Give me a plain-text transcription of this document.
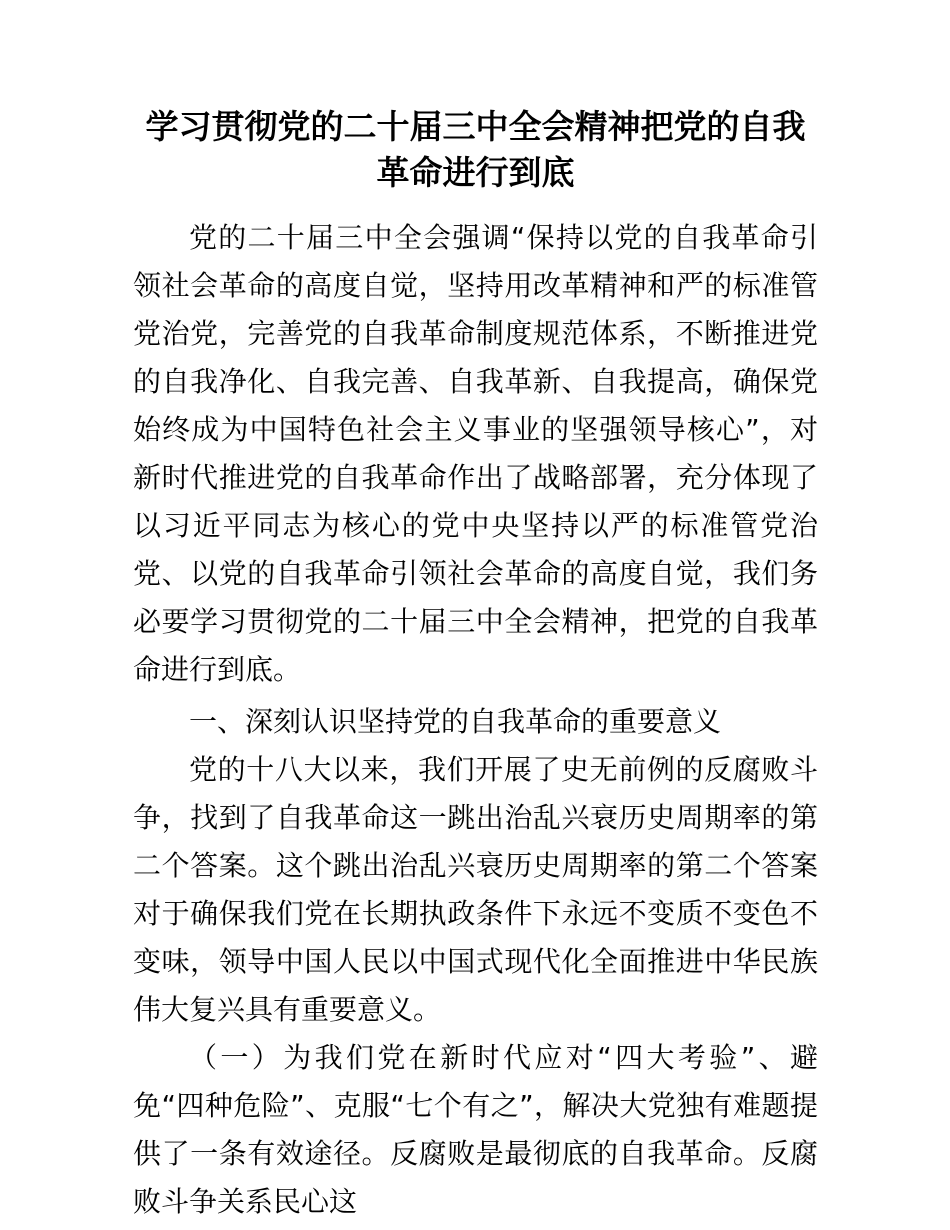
学习贯彻党的二十届三中全会精神把党的自我革命进行到底

党的二十届三中全会强调“保持以党的自我革命引领社会革命的高度自觉，坚持用改革精神和严的标准管党治党，完善党的自我革命制度规范体系，不断推进党的自我净化、自我完善、自我革新、自我提高，确保党始终成为中国特色社会主义事业的坚强领导核心”，对新时代推进党的自我革命作出了战略部署，充分体现了以习近平同志为核心的党中央坚持以严的标准管党治党、以党的自我革命引领社会革命的高度自觉，我们务必要学习贯彻党的二十届三中全会精神，把党的自我革命进行到底。

一、深刻认识坚持党的自我革命的重要意义

党的十八大以来，我们开展了史无前例的反腐败斗争，找到了自我革命这一跳出治乱兴衰历史周期率的第二个答案。这个跳出治乱兴衰历史周期率的第二个答案对于确保我们党在长期执政条件下永远不变质不变色不变味，领导中国人民以中国式现代化全面推进中华民族伟大复兴具有重要意义。

（一）为我们党在新时代应对“四大考验”、避免“四种危险”、克服“七个有之”，解决大党独有难题提供了一条有效途径。反腐败是最彻底的自我革命。反腐败斗争关系民心这
